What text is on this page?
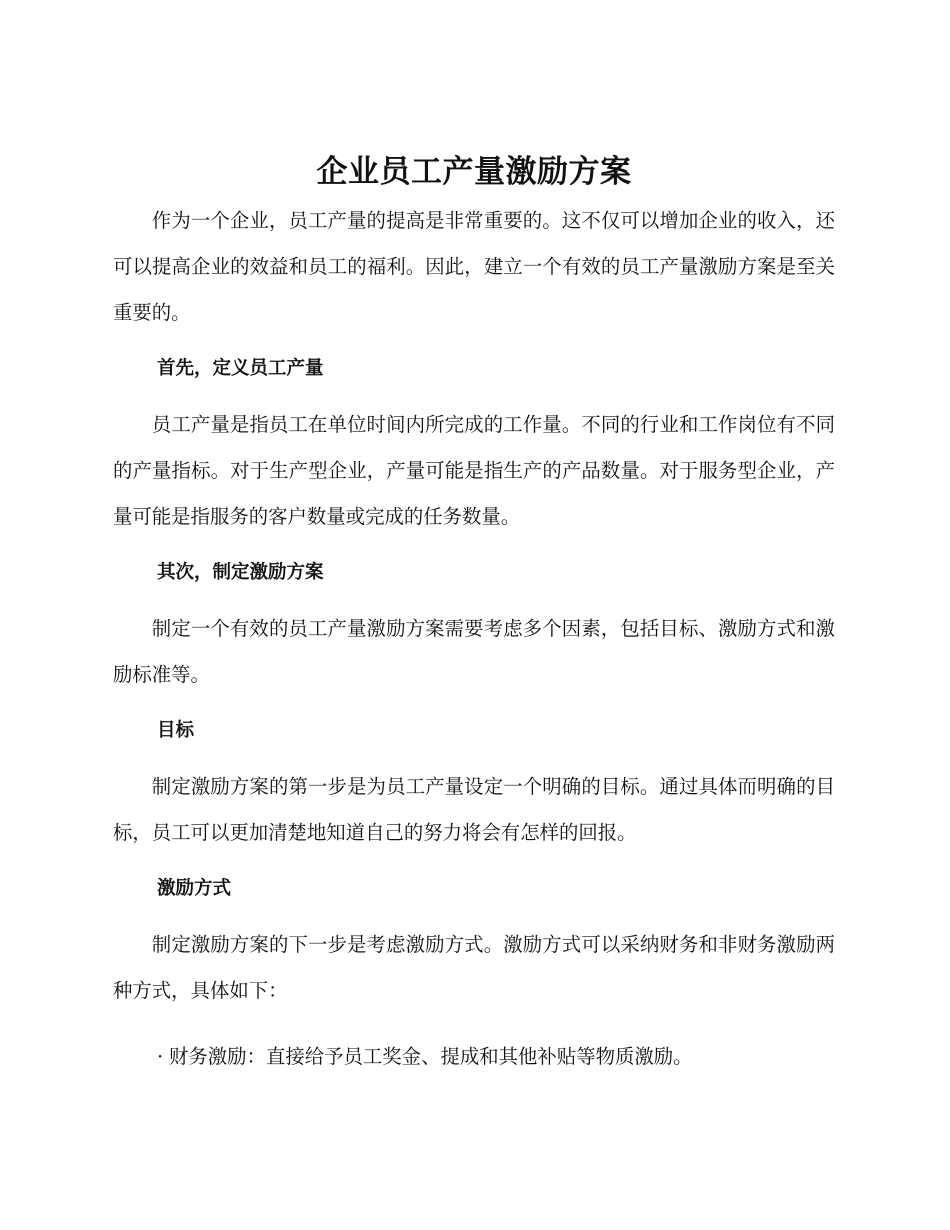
企业员工产量激励方案

作为一个企业，员工产量的提高是非常重要的。这不仅可以增加企业的收入，还可以提高企业的效益和员工的福利。因此，建立一个有效的员工产量激励方案是至关重要的。

首先，定义员工产量

员工产量是指员工在单位时间内所完成的工作量。不同的行业和工作岗位有不同的产量指标。对于生产型企业，产量可能是指生产的产品数量。对于服务型企业，产量可能是指服务的客户数量或完成的任务数量。

其次，制定激励方案

制定一个有效的员工产量激励方案需要考虑多个因素，包括目标、激励方式和激励标准等。

目标

制定激励方案的第一步是为员工产量设定一个明确的目标。通过具体而明确的目标，员工可以更加清楚地知道自己的努力将会有怎样的回报。

激励方式

制定激励方案的下一步是考虑激励方式。激励方式可以采纳财务和非财务激励两种方式，具体如下：

· 财务激励：直接给予员工奖金、提成和其他补贴等物质激励。
